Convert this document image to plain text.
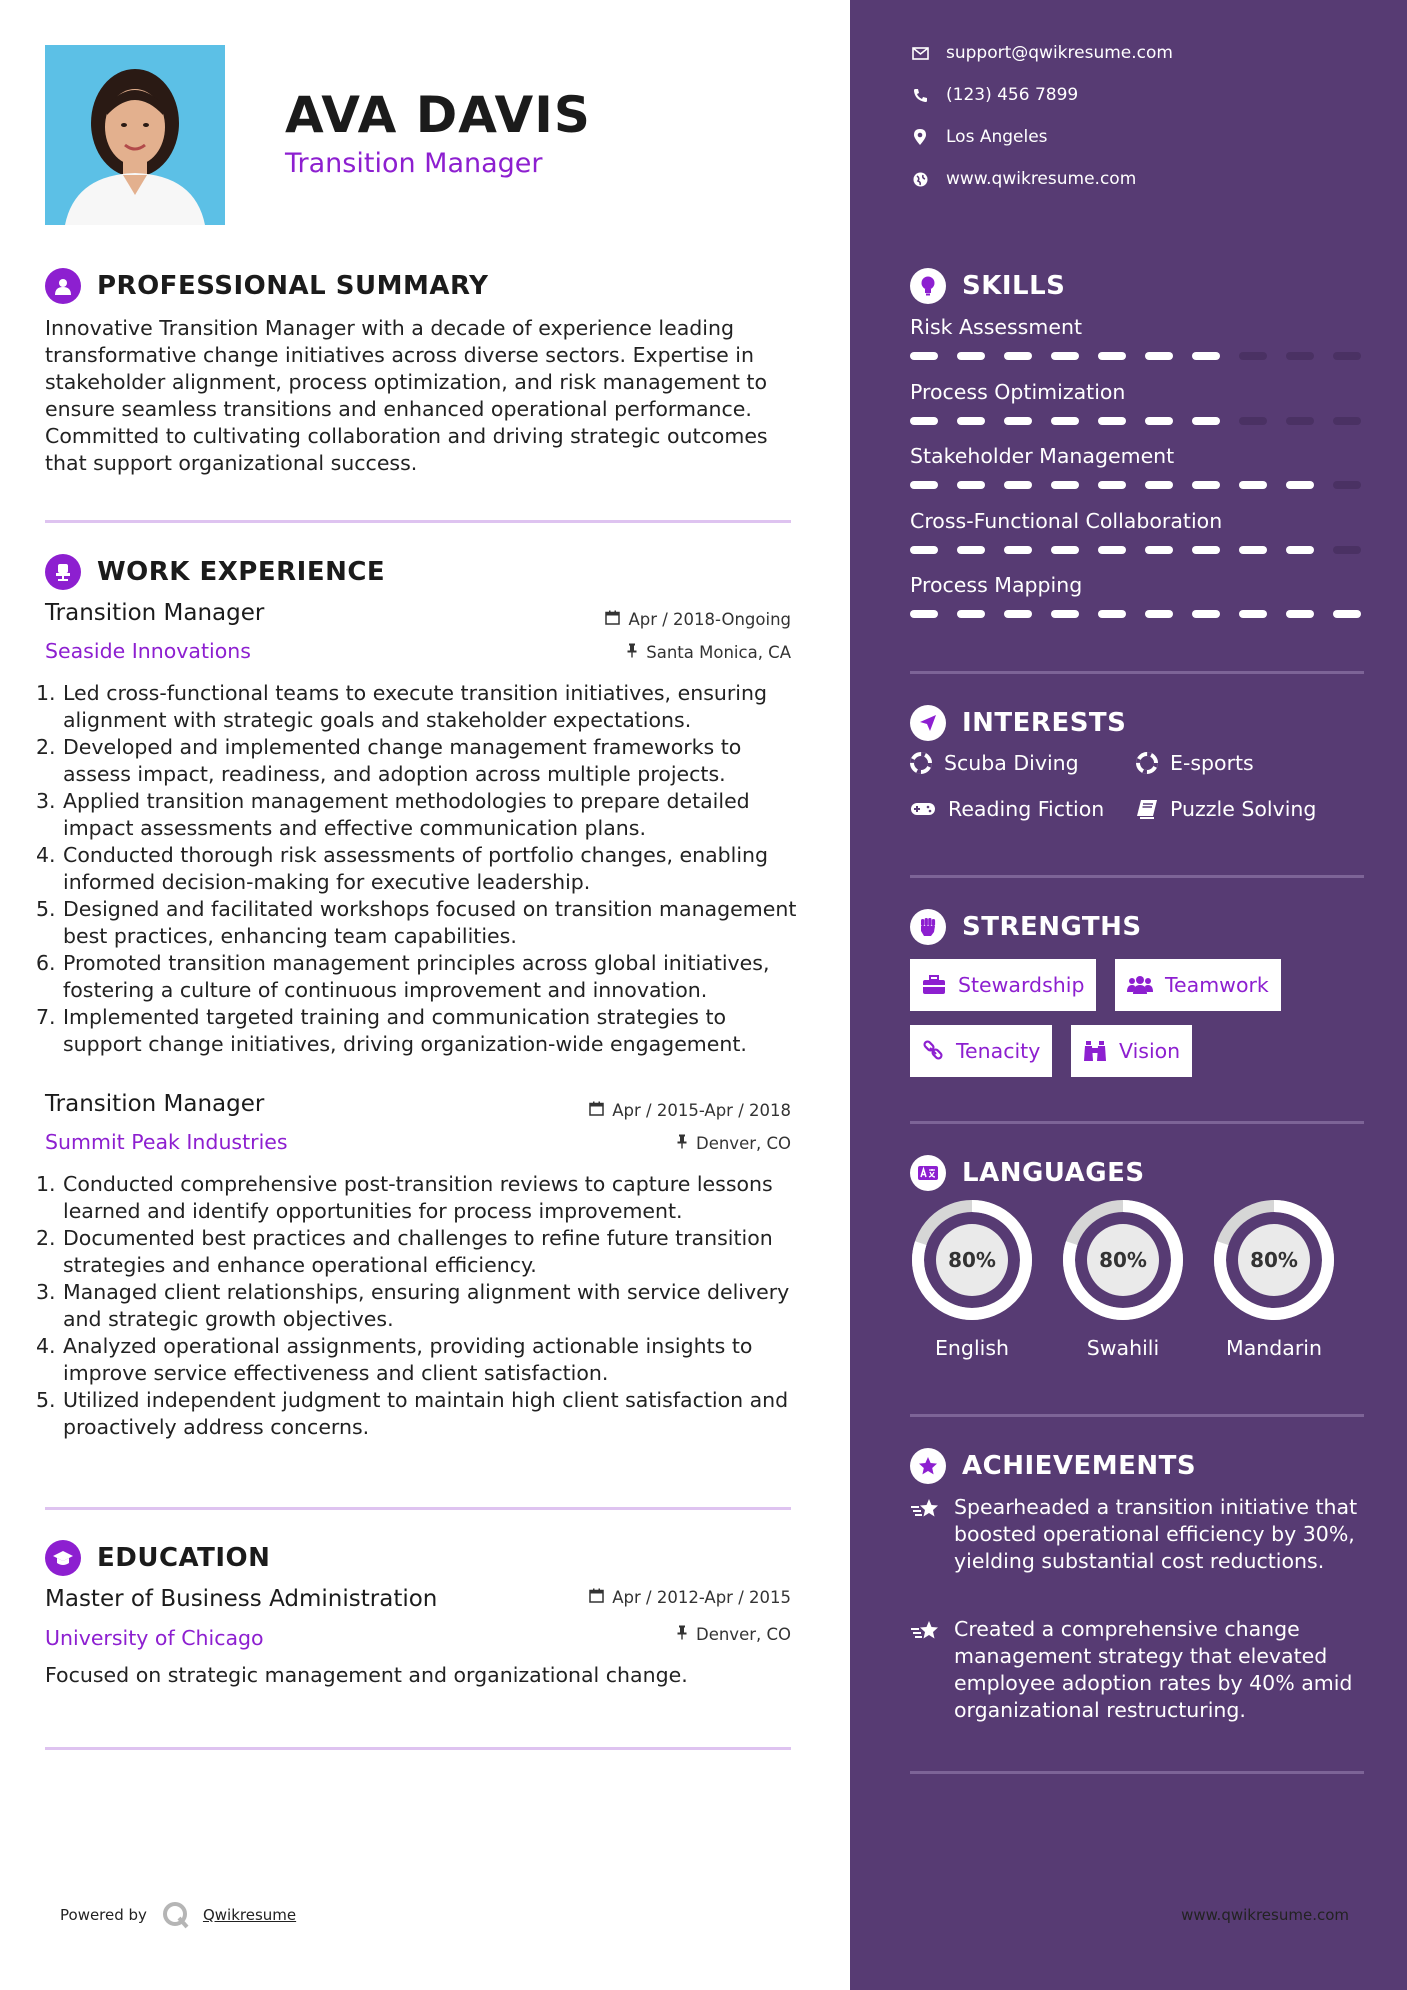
AVA DAVIS
Transition Manager
PROFESSIONAL SUMMARY
Innovative Transition Manager with a decade of experience leading transformative change initiatives across diverse sectors. Expertise in stakeholder alignment, process optimization, and risk management to ensure seamless transitions and enhanced operational performance. Committed to cultivating collaboration and driving strategic outcomes that support organizational success.
WORK EXPERIENCE
Transition Manager	Apr / 2018-Ongoing
Seaside Innovations	Santa Monica, CA
1. Led cross-functional teams to execute transition initiatives, ensuring alignment with strategic goals and stakeholder expectations.
2. Developed and implemented change management frameworks to assess impact, readiness, and adoption across multiple projects.
3. Applied transition management methodologies to prepare detailed impact assessments and effective communication plans.
4. Conducted thorough risk assessments of portfolio changes, enabling informed decision-making for executive leadership.
5. Designed and facilitated workshops focused on transition management best practices, enhancing team capabilities.
6. Promoted transition management principles across global initiatives, fostering a culture of continuous improvement and innovation.
7. Implemented targeted training and communication strategies to support change initiatives, driving organization-wide engagement.
Transition Manager	Apr / 2015-Apr / 2018
Summit Peak Industries	Denver, CO
1. Conducted comprehensive post-transition reviews to capture lessons learned and identify opportunities for process improvement.
2. Documented best practices and challenges to refine future transition strategies and enhance operational efficiency.
3. Managed client relationships, ensuring alignment with service delivery and strategic growth objectives.
4. Analyzed operational assignments, providing actionable insights to improve service effectiveness and client satisfaction.
5. Utilized independent judgment to maintain high client satisfaction and proactively address concerns.
EDUCATION
Master of Business Administration	Apr / 2012-Apr / 2015
University of Chicago	Denver, CO
Focused on strategic management and organizational change.
Powered by	Qwikresume
support@qwikresume.com
(123) 456 7899
Los Angeles
www.qwikresume.com
SKILLS
Risk Assessment
Process Optimization
Stakeholder Management
Cross-Functional Collaboration
Process Mapping
INTERESTS
Scuba Diving	E-sports
Reading Fiction	Puzzle Solving
STRENGTHS
Stewardship	Teamwork
Tenacity	Vision
LANGUAGES
80%
English
80%
Swahili
80%
Mandarin
ACHIEVEMENTS
Spearheaded a transition initiative that boosted operational efficiency by 30%, yielding substantial cost reductions.
Created a comprehensive change management strategy that elevated employee adoption rates by 40% amid organizational restructuring.
www.qwikresume.com
